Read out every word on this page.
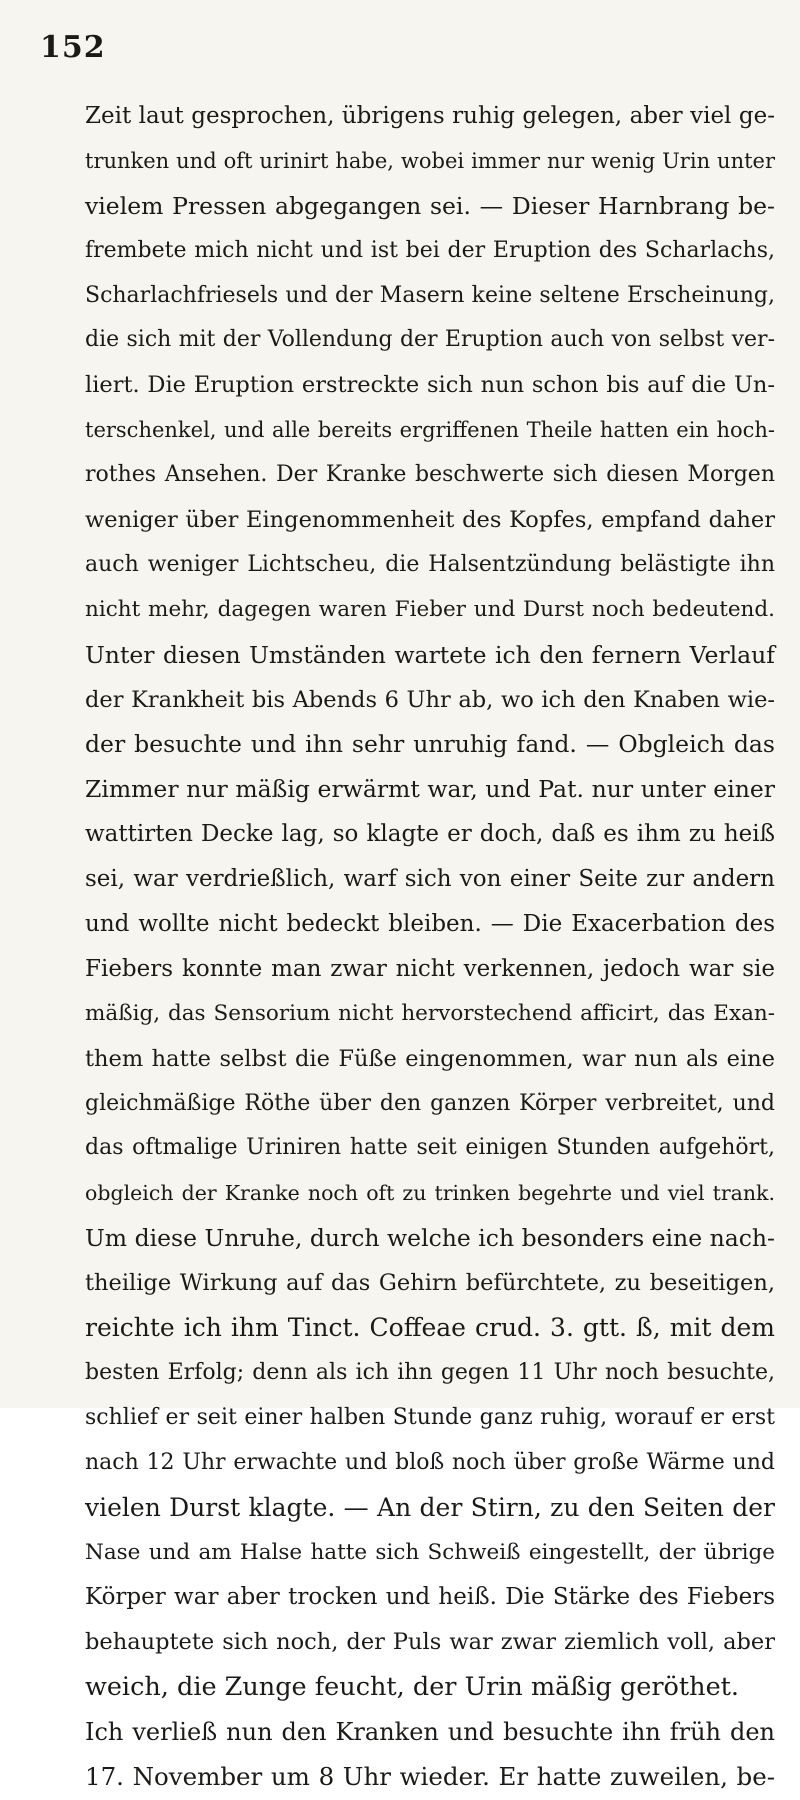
152
Zeit laut gesprochen, übrigens ruhig gelegen, aber viel ge-
trunken und oft urinirt habe, wobei immer nur wenig Urin unter
vielem Pressen abgegangen sei. — Dieser Harnbrang be-
frembete mich nicht und ist bei der Eruption des Scharlachs,
Scharlachfriesels und der Masern keine seltene Erscheinung,
die sich mit der Vollendung der Eruption auch von selbst ver-
liert. Die Eruption erstreckte sich nun schon bis auf die Un-
terschenkel, und alle bereits ergriffenen Theile hatten ein hoch-
rothes Ansehen. Der Kranke beschwerte sich diesen Morgen
weniger über Eingenommenheit des Kopfes, empfand daher
auch weniger Lichtscheu, die Halsentzündung belästigte ihn
nicht mehr, dagegen waren Fieber und Durst noch bedeutend.
Unter diesen Umständen wartete ich den fernern Verlauf
der Krankheit bis Abends 6 Uhr ab, wo ich den Knaben wie-
der besuchte und ihn sehr unruhig fand. — Obgleich das
Zimmer nur mäßig erwärmt war, und Pat. nur unter einer
wattirten Decke lag, so klagte er doch, daß es ihm zu heiß
sei, war verdrießlich, warf sich von einer Seite zur andern
und wollte nicht bedeckt bleiben. — Die Exacerbation des
Fiebers konnte man zwar nicht verkennen, jedoch war sie
mäßig, das Sensorium nicht hervorstechend afficirt, das Exan-
them hatte selbst die Füße eingenommen, war nun als eine
gleichmäßige Röthe über den ganzen Körper verbreitet, und
das oftmalige Uriniren hatte seit einigen Stunden aufgehört,
obgleich der Kranke noch oft zu trinken begehrte und viel trank.
Um diese Unruhe, durch welche ich besonders eine nach-
theilige Wirkung auf das Gehirn befürchtete, zu beseitigen,
reichte ich ihm Tinct. Coffeae crud. 3. gtt. ß, mit dem
besten Erfolg; denn als ich ihn gegen 11 Uhr noch besuchte,
schlief er seit einer halben Stunde ganz ruhig, worauf er erst
nach 12 Uhr erwachte und bloß noch über große Wärme und
vielen Durst klagte. — An der Stirn, zu den Seiten der
Nase und am Halse hatte sich Schweiß eingestellt, der übrige
Körper war aber trocken und heiß. Die Stärke des Fiebers
behauptete sich noch, der Puls war zwar ziemlich voll, aber
weich, die Zunge feucht, der Urin mäßig geröthet.
Ich verließ nun den Kranken und besuchte ihn früh den
17. November um 8 Uhr wieder. Er hatte zuweilen, be-
